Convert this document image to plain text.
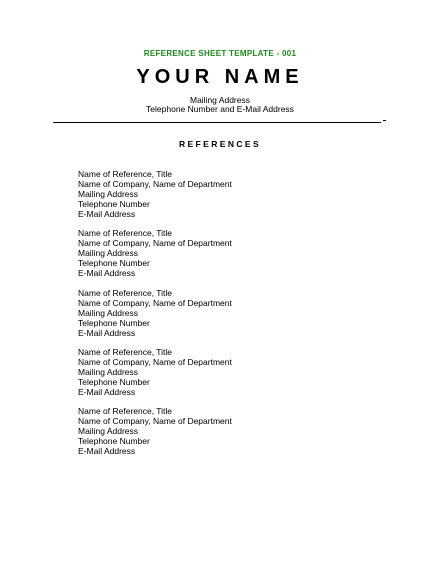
REFERENCE SHEET TEMPLATE - 001
YOUR NAME
Mailing Address
Telephone Number and E-Mail Address
REFERENCES
Name of Reference, Title
Name of Company, Name of Department
Mailing Address
Telephone Number
E-Mail Address
Name of Reference, Title
Name of Company, Name of Department
Mailing Address
Telephone Number
E-Mail Address
Name of Reference, Title
Name of Company, Name of Department
Mailing Address
Telephone Number
E-Mail Address
Name of Reference, Title
Name of Company, Name of Department
Mailing Address
Telephone Number
E-Mail Address
Name of Reference, Title
Name of Company, Name of Department
Mailing Address
Telephone Number
E-Mail Address
